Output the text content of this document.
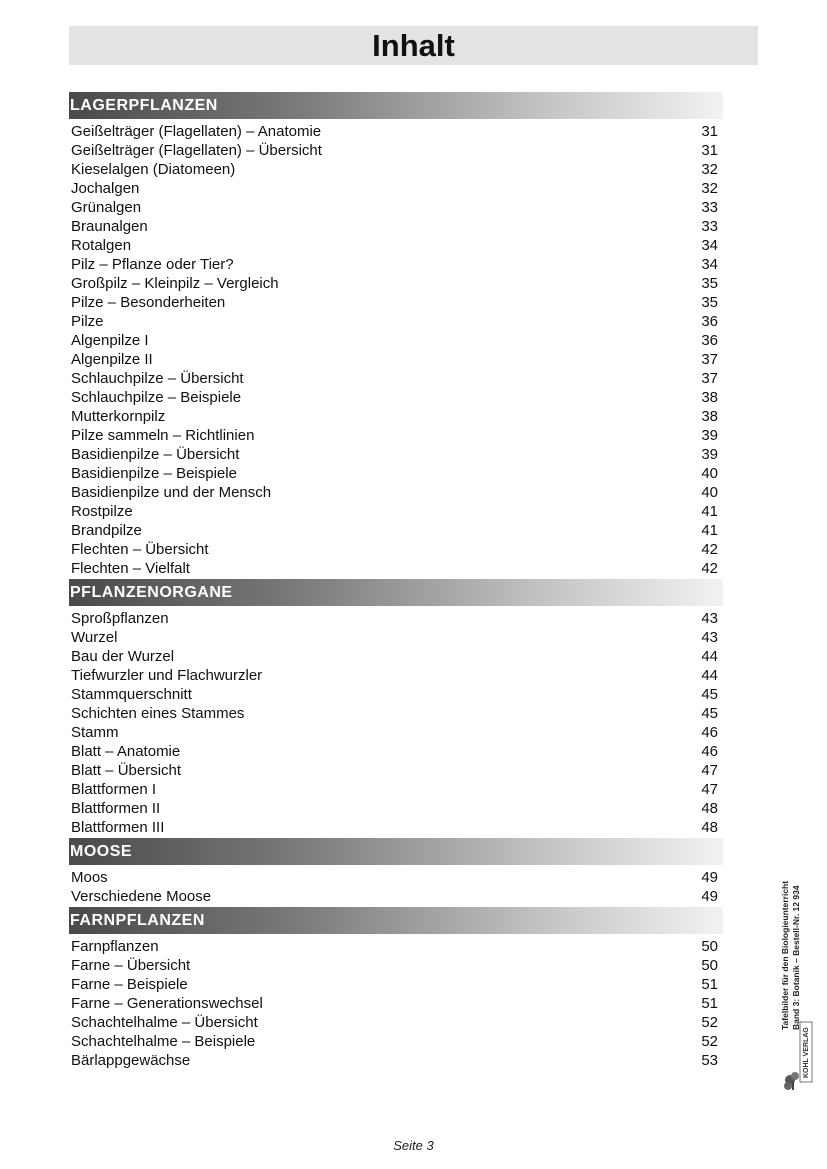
Inhalt
LAGERPFLANZEN
Geißelträger (Flagellaten) – Anatomie	31
Geißelträger (Flagellaten) – Übersicht	31
Kieselalgen (Diatomeen)	32
Jochalgen	32
Grünalgen	33
Braunalgen	33
Rotalgen	34
Pilz – Pflanze oder Tier?	34
Großpilz – Kleinpilz – Vergleich	35
Pilze – Besonderheiten	35
Pilze	36
Algenpilze I	36
Algenpilze II	37
Schlauchpilze – Übersicht	37
Schlauchpilze – Beispiele	38
Mutterkornpilz	38
Pilze sammeln – Richtlinien	39
Basidienpilze – Übersicht	39
Basidienpilze – Beispiele	40
Basidienpilze und der Mensch	40
Rostpilze	41
Brandpilze	41
Flechten – Übersicht	42
Flechten – Vielfalt	42
PFLANZENORGANE
Sproßpflanzen	43
Wurzel	43
Bau der Wurzel	44
Tiefwurzler und Flachwurzler	44
Stammquerschnitt	45
Schichten eines Stammes	45
Stamm	46
Blatt – Anatomie	46
Blatt – Übersicht	47
Blattformen I	47
Blattformen II	48
Blattformen III	48
MOOSE
Moos	49
Verschiedene Moose	49
FARNPFLANZEN
Farnpflanzen	50
Farne – Übersicht	50
Farne – Beispiele	51
Farne – Generationswechsel	51
Schachtelhalme – Übersicht	52
Schachtelhalme – Beispiele	52
Bärlappgewächse	53
Tafelbilder für den Biologieunterricht Band 3: Botanik – Bestell-Nr. 12 934
KOHL VERLAG
Seite 3
